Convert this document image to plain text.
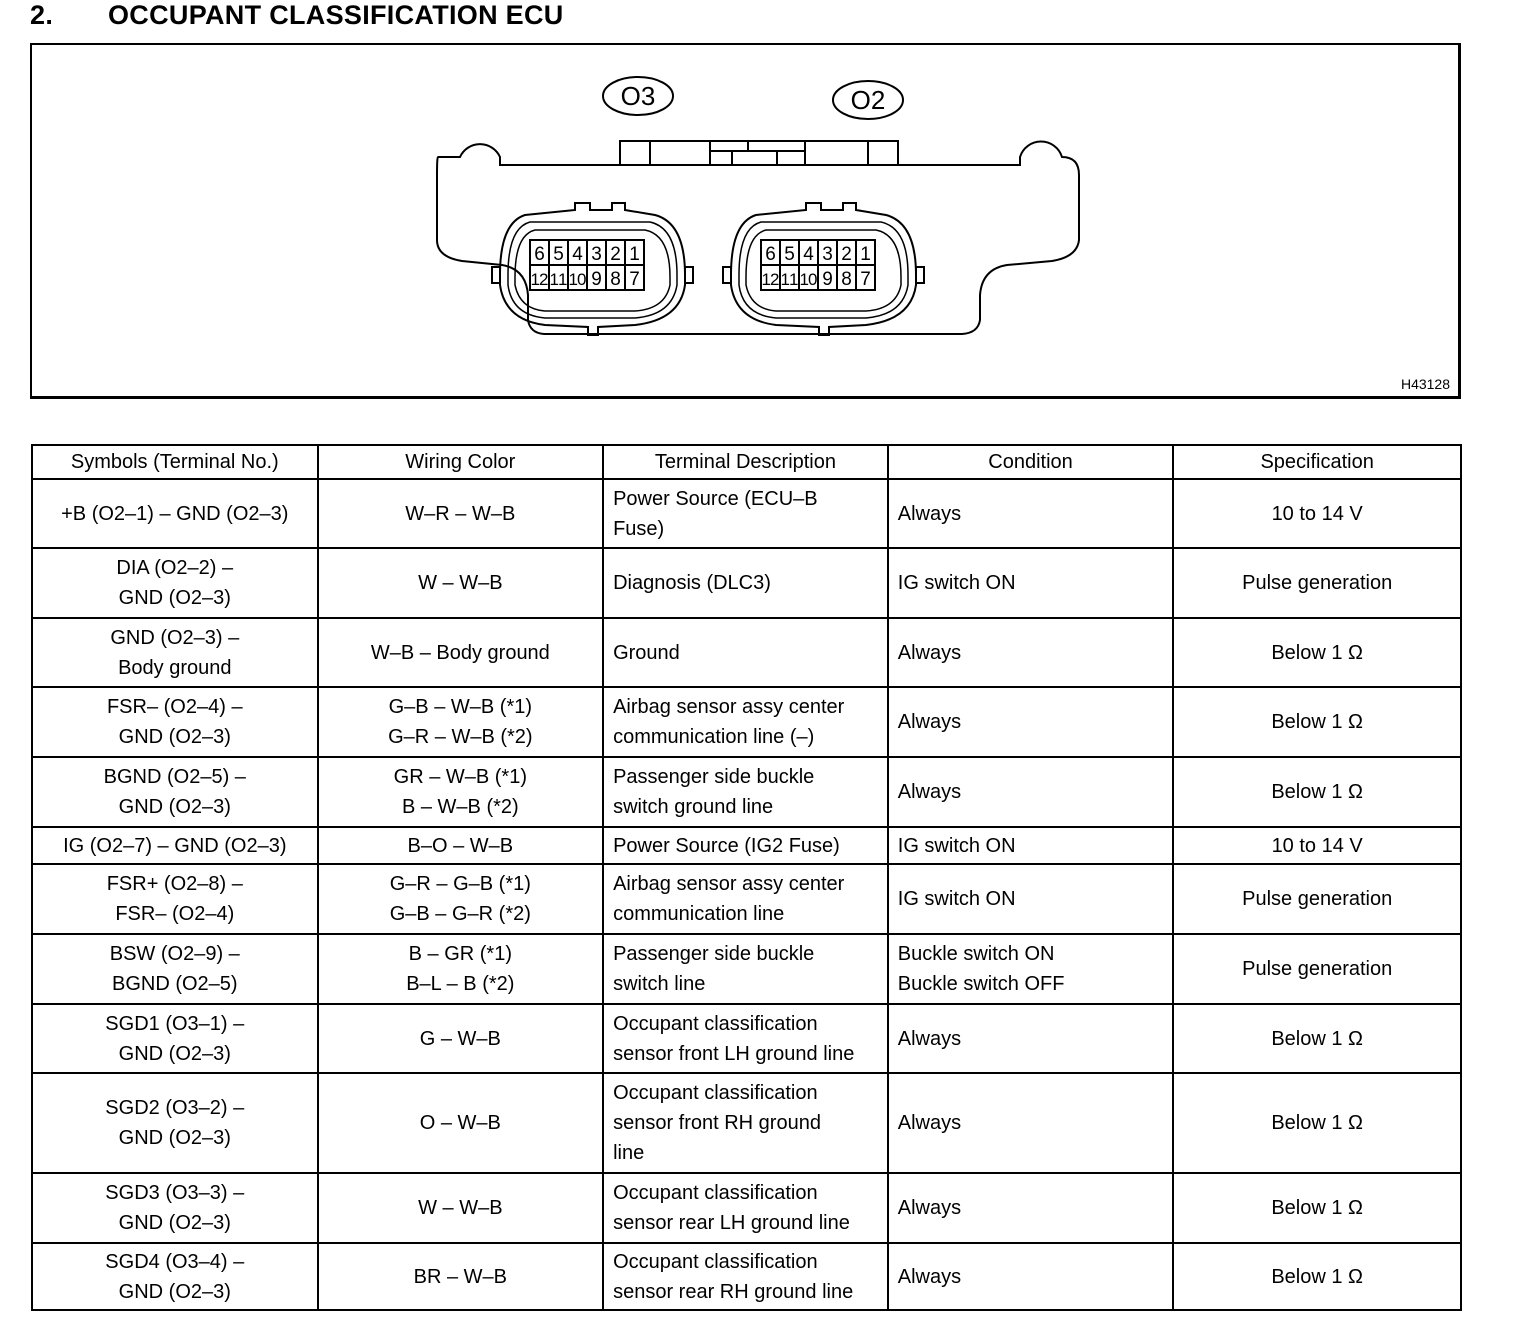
2. OCCUPANT CLASSIFICATION ECU
6 5 4 3 2 1
12 11 10 9 8 7
O3
6 5 4 3 2 1
12 11 10 9 8 7
O2
H43128
Symbols (Terminal No.)	Wiring Color	Terminal Description	Condition	Specification

+B (O2–1) – GND (O2–3)	W–R – W–B	Power Source (ECU–B
Fuse)	Always	10 to 14 V

DIA (O2–2) –
GND (O2–3)	W – W–B	Diagnosis (DLC3)	IG switch ON	Pulse generation

GND (O2–3) –
Body ground	W–B – Body ground	Ground	Always	Below 1 Ω

FSR– (O2–4) –
GND (O2–3)	G–B – W–B (*1)
G–R – W–B (*2)	Airbag sensor assy center
communication line (–)	Always	Below 1 Ω

BGND (O2–5) –
GND (O2–3)	GR – W–B (*1)
B – W–B (*2)	Passenger side buckle
switch ground line	Always	Below 1 Ω

IG (O2–7) – GND (O2–3)	B–O – W–B	Power Source (IG2 Fuse)	IG switch ON	10 to 14 V

FSR+ (O2–8) –
FSR– (O2–4)	G–R – G–B (*1)
G–B – G–R (*2)	Airbag sensor assy center
communication line	IG switch ON	Pulse generation

BSW (O2–9) –
BGND (O2–5)	B – GR (*1)
B–L – B (*2)	Passenger side buckle
switch line	Buckle switch ON
Buckle switch OFF	Pulse generation

SGD1 (O3–1) –
GND (O2–3)	G – W–B	Occupant classification
sensor front LH ground line	Always	Below 1 Ω

SGD2 (O3–2) –
GND (O2–3)	O – W–B	Occupant classification
sensor front RH ground
line	Always	Below 1 Ω

SGD3 (O3–3) –
GND (O2–3)	W – W–B	Occupant classification
sensor rear LH ground line	Always	Below 1 Ω

SGD4 (O3–4) –
GND (O2–3)	BR – W–B	Occupant classification
sensor rear RH ground line	Always	Below 1 Ω
